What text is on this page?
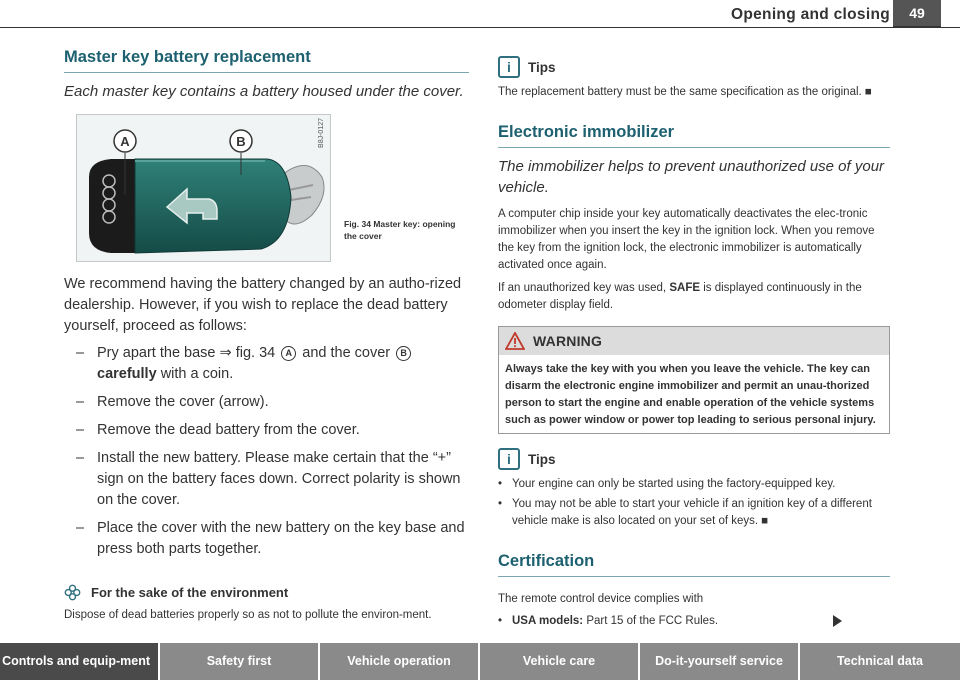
Opening and closing	49
Master key battery replacement

Each master key contains a battery housed under the cover.

A	B	B8J-0127
Fig. 34 Master key: opening the cover

We recommend having the battery changed by an autho-rized dealership. However, if you wish to replace the dead battery yourself, proceed as follows:

– Pry apart the base ⇒ fig. 34 A and the cover B carefully with a coin.
– Remove the cover (arrow).
– Remove the dead battery from the cover.
– Install the new battery. Please make certain that the “+” sign on the battery faces down. Correct polarity is shown on the cover.
– Place the cover with the new battery on the key base and press both parts together.
For the sake of the environment

Dispose of dead batteries properly so as not to pollute the environ-ment.

i	Tips

The replacement battery must be the same specification as the original. ■

Electronic immobilizer

The immobilizer helps to prevent unauthorized use of your vehicle.

A computer chip inside your key automatically deactivates the elec-tronic immobilizer when you insert the key in the ignition lock. When you remove the key from the ignition lock, the electronic immobilizer is automatically activated once again.

If an unauthorized key was used, SAFE is displayed continuously in the odometer display field.

WARNING
Always take the key with you when you leave the vehicle. The key can disarm the electronic engine immobilizer and permit an unau-thorized person to start the engine and enable operation of the vehicle systems such as power window or power top leading to serious personal injury.
i	Tips

• Your engine can only be started using the factory-equipped key.

• You may not be able to start your vehicle if an ignition key of a different vehicle make is also located on your set of keys. ■

Certification

The remote control device complies with

• USA models: Part 15 of the FCC Rules.

Controls and equip-ment	Safety first	Vehicle operation	Vehicle care	Do-it-yourself service	Technical data
